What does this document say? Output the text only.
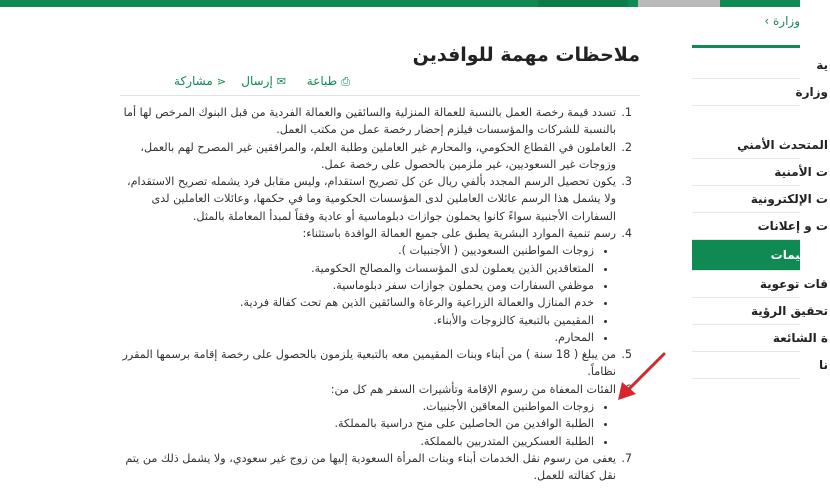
وزارة ›
ية
وزارة
المتحدث الأمني
ت الأمنية
ت الإلكترونية
ت و إعلانات
و تعليمات
قات توعوية
تحقيق الرؤية
ة الشائعة
نا
ملاحظات مهمة للوافدين
⎙طباعة
✉إرسال
⋖مشاركة
تسدد قيمة رخصة العمل بالنسبة للعمالة المنزلية والسائقين والعمالة الفردية من قبل البنوك المرخص لها أما بالنسبة للشركات والمؤسسات فيلزم إحضار رخصة عمل من مكتب العمل.
العاملون في القطاع الحكومي، والمحارم غير العاملين وطلبة العلم، والمرافقين غير المصرح لهم بالعمل، وزوجات غير السعوديين، غير ملزمين بالحصول على رخصة عمل.
يكون تحصيل الرسم المجدد بألفي ريال عن كل تصريح استقدام، وليس مقابل فرد يشمله تصريح الاستقدام، ولا يشمل هذا الرسم عائلات العاملين لدى المؤسسات الحكومية وما في حكمها، وعائلات العاملين لدى السفارات الأجنبية سواءً كانوا يحملون جوازات دبلوماسية أو عادية وفقاً لمبدأ المعاملة بالمثل.
رسم تنمية الموارد البشرية يطبق على جميع العمالة الوافدة باستثناء:
• زوجات المواطنين السعوديين ( الأجنبيات ).
• المتعاقدين الذين يعملون لدى المؤسسات والمصالح الحكومية.
• موظفي السفارات ومن يحملون جوازات سفر دبلوماسية.
• خدم المنازل والعمالة الزراعية والرعاة والسائقين الذين هم تحت كفالة فردية.
• المقيمين بالتبعية كالزوجات والأبناء.
• المحارم.
من يبلغ ( 18 سنة ) من أبناء وبنات المقيمين معه بالتبعية يلزمون بالحصول على رخصة إقامة برسمها المقرر نظاماً.
الفئات المعفاة من رسوم الإقامة وتأشيرات السفر هم كل من:
• زوجات المواطنين المعاقين الأجنبيات.
• الطلبة الوافدين من الحاصلين على منح دراسية بالمملكة.
• الطلبة العسكريين المتدربين بالمملكة.
يعفى من رسوم نقل الخدمات أبناء وبنات المرأة السعودية إليها من زوج غير سعودي، ولا يشمل ذلك من يتم نقل كفالته للعمل.
